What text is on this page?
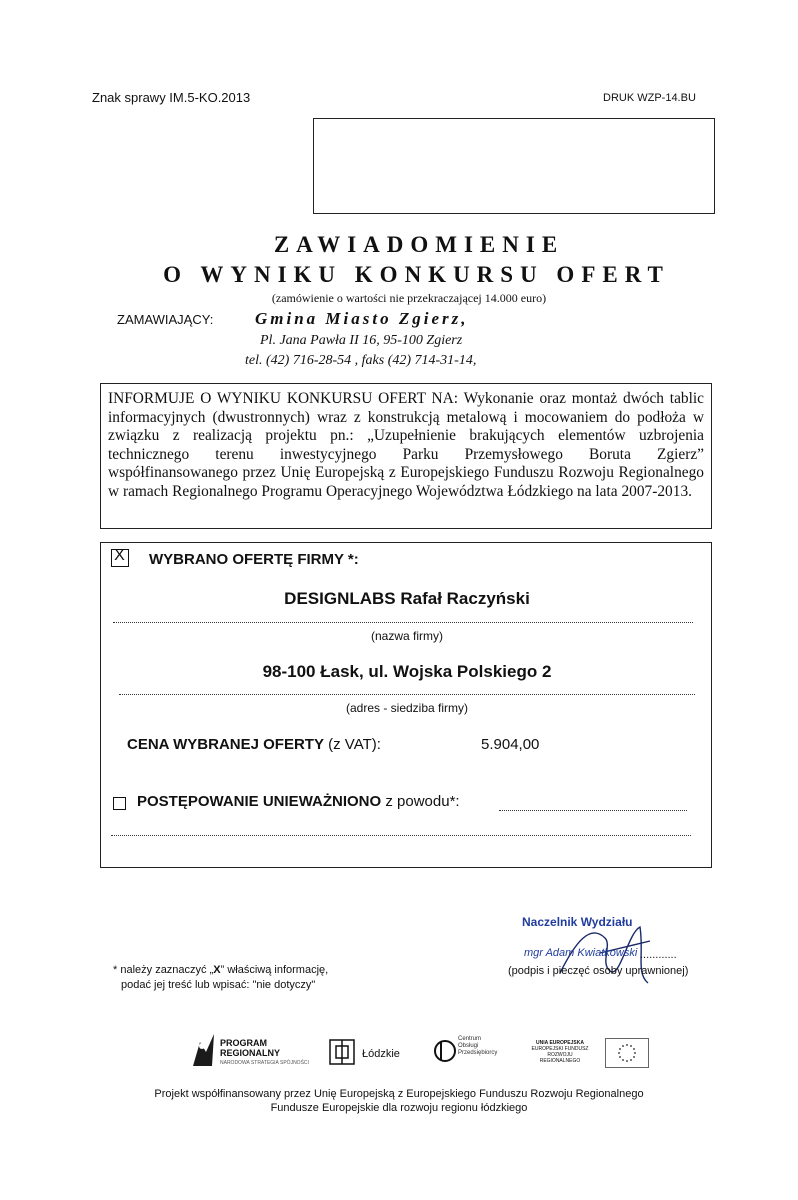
Znak sprawy IM.5-KO.2013	DRUK WZP-14.BU
ZAWIADOMIENIE
O WYNIKU KONKURSU OFERT
(zamówienie o wartości nie przekraczającej 14.000 euro)
ZAMAWIAJĄCY: Gmina Miasto Zgierz,
Pl. Jana Pawła II 16, 95-100 Zgierz
tel. (42) 716-28-54 , faks (42) 714-31-14,
INFORMUJE O WYNIKU KONKURSU OFERT NA: Wykonanie oraz montaż dwóch tablic informacyjnych (dwustronnych) wraz z konstrukcją metalową i mocowaniem do podłoża w związku z realizacją projektu pn.: „Uzupełnienie brakujących elementów uzbrojenia technicznego terenu inwestycyjnego Parku Przemysłowego Boruta Zgierz” współfinansowanego przez Unię Europejską z Europejskiego Funduszu Rozwoju Regionalnego w ramach Regionalnego Programu Operacyjnego Województwa Łódzkiego na lata 2007-2013.
X WYBRANO OFERTĘ FIRMY *:
DESIGNLABS Rafał Raczyński
(nazwa firmy)
98-100 Łask, ul. Wojska Polskiego 2
(adres - siedziba firmy)
CENA WYBRANEJ OFERTY (z VAT):	5.904,00
POSTĘPOWANIE UNIEWAŻNIONO z powodu*:
* należy zaznaczyć „X” właściwą informację,
podać jej treść lub wpisać: "nie dotyczy"
Naczelnik Wydziału
mgr Adam Kwiatkowski ............
(podpis i pieczęć osoby uprawnionej)
PROGRAM
REGIONALNY
NARODOWA STRATEGIA SPÓJNOŚCI
Łódzkie
Centrum
Obsługi
Przedsiębiorcy
UNIA EUROPEJSKA
EUROPEJSKI FUNDUSZ
ROZWOJU REGIONALNEGO
Projekt współfinansowany przez Unię Europejską z Europejskiego Funduszu Rozwoju Regionalnego
Fundusze Europejskie dla rozwoju regionu łódzkiego
